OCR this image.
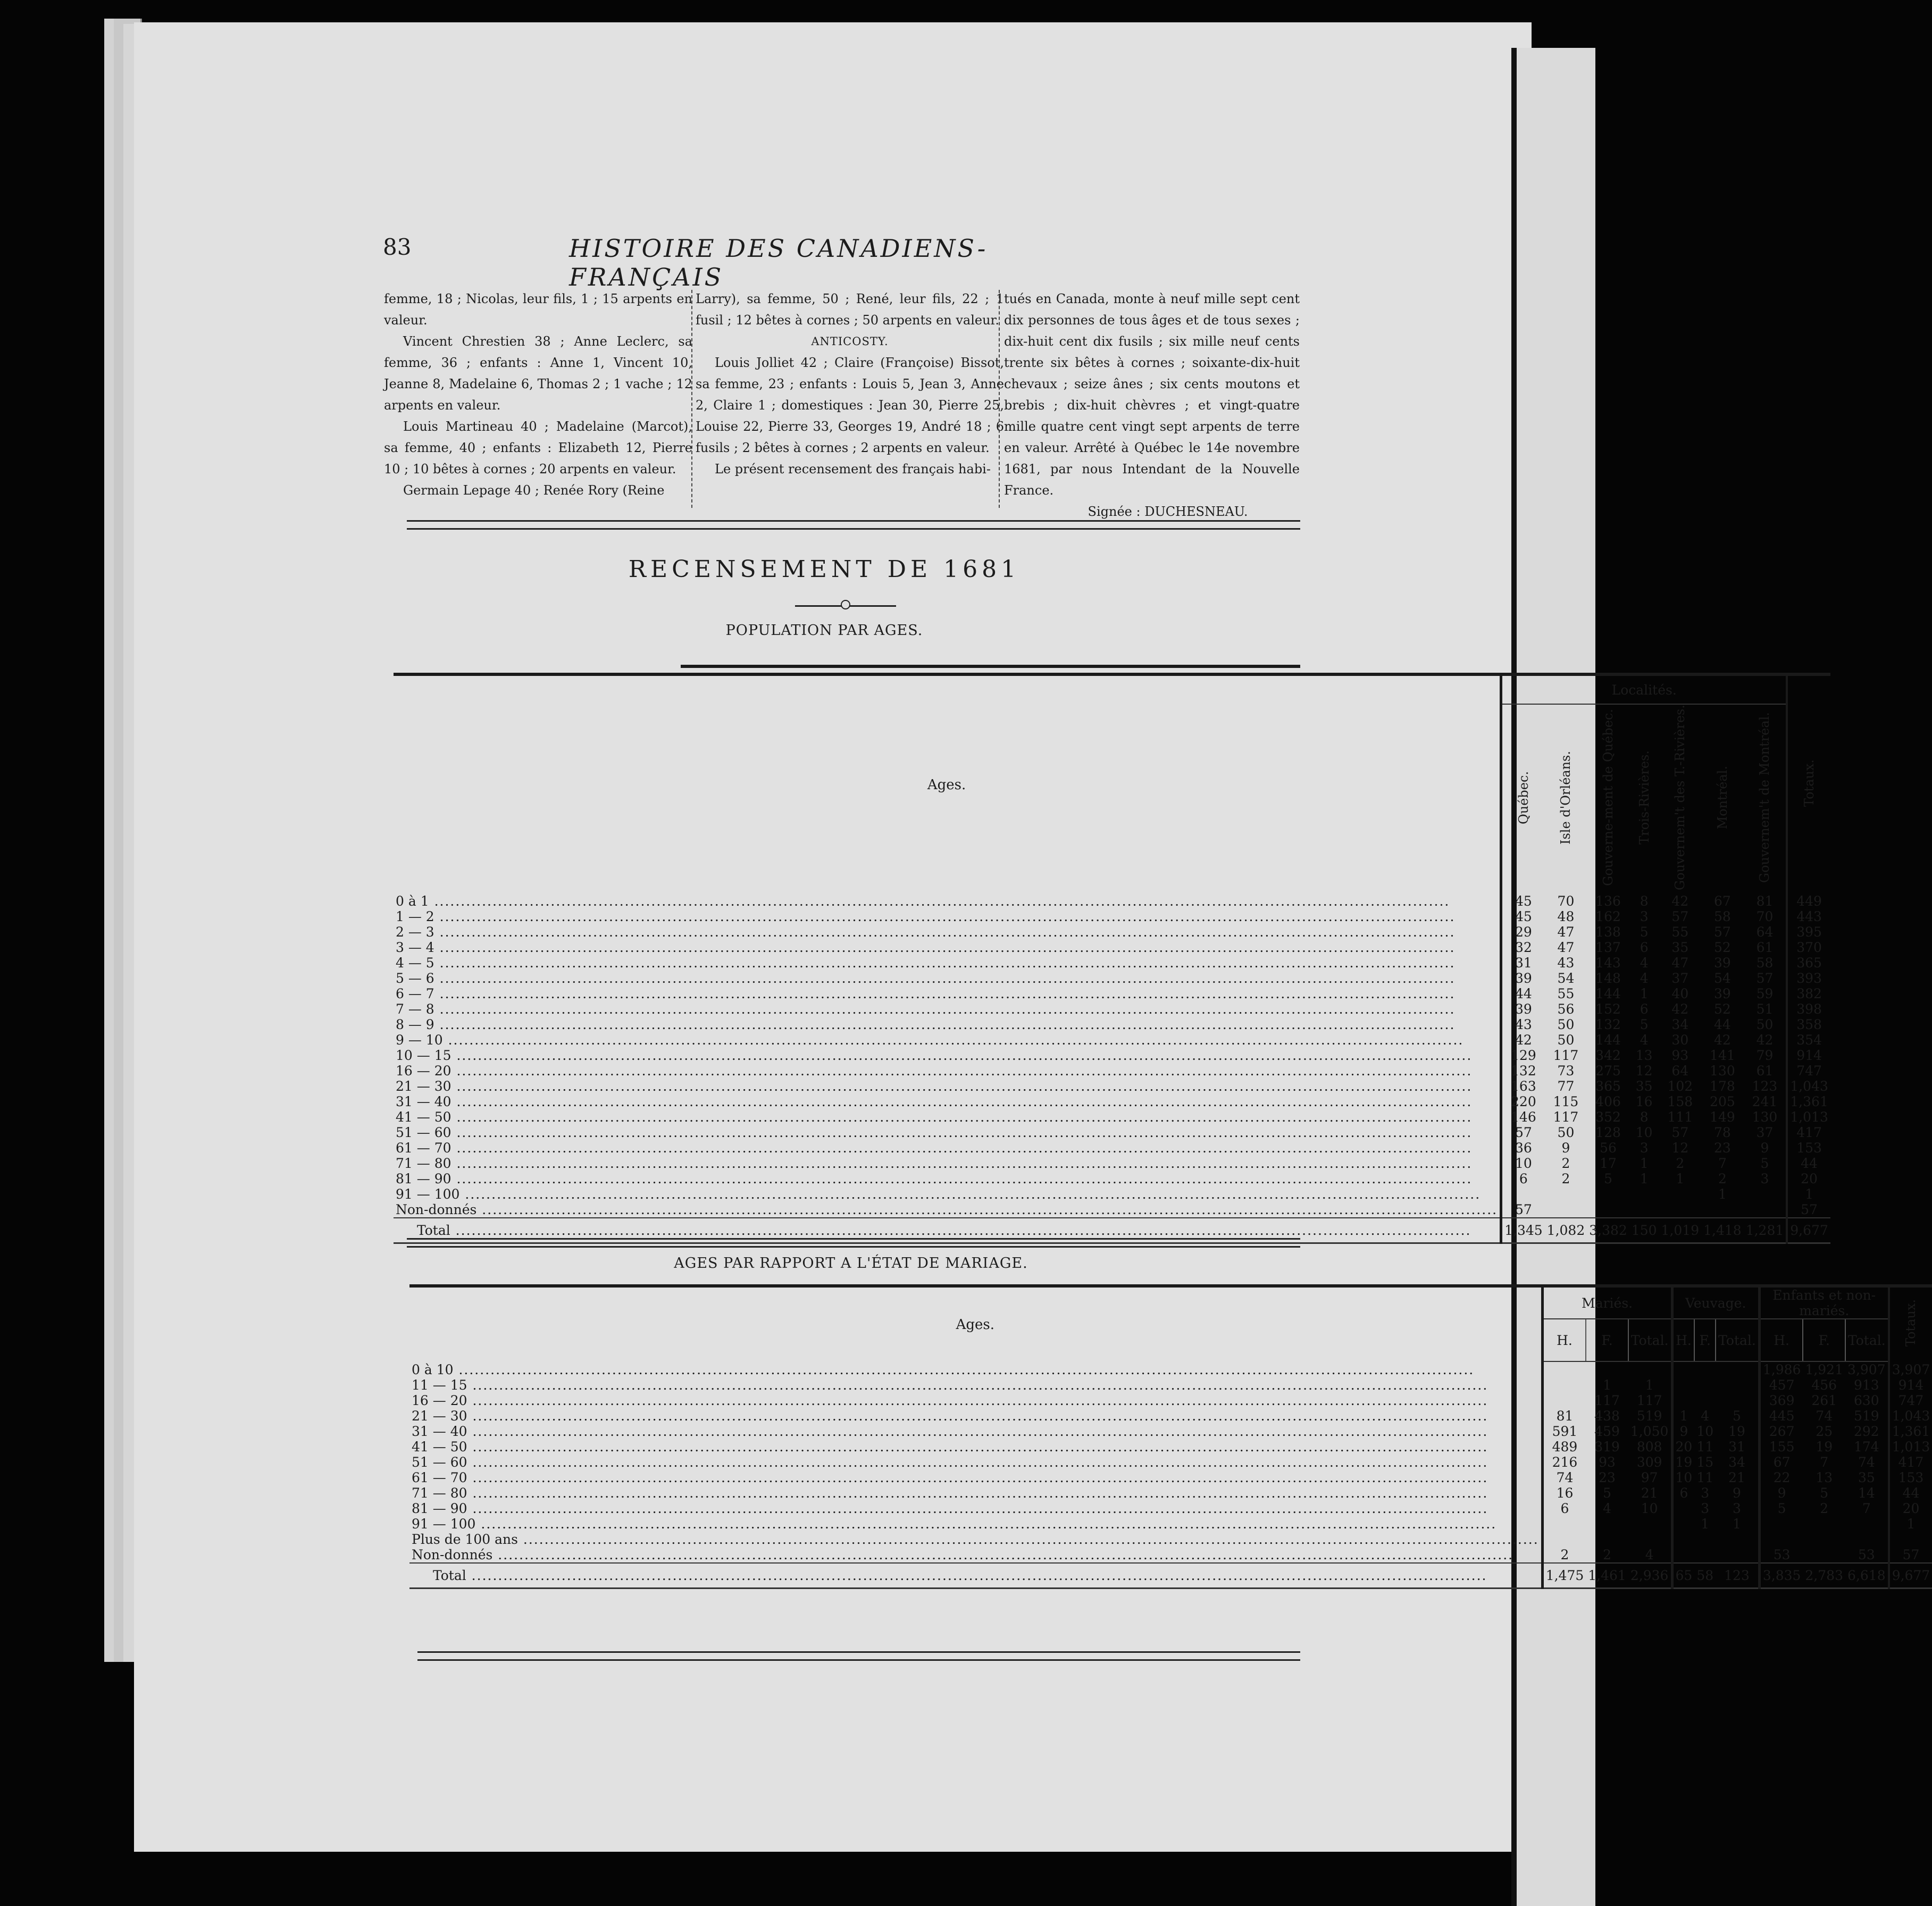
83	HISTOIRE DES CANADIENS-FRANÇAIS

femme, 18 ; Nicolas, leur fils, 1 ; 15 arpents en valeur.

Vincent Chrestien 38 ; Anne Leclerc, sa femme, 36 ; enfants : Anne 1, Vincent 10, Jeanne 8, Madelaine 6, Thomas 2 ; 1 vache ; 12 arpents en valeur.

Louis Martineau 40 ; Madelaine (Marcot), sa femme, 40 ; enfants : Elizabeth 12, Pierre 10 ; 10 bêtes à cornes ; 20 arpents en valeur.

Germain Lepage 40 ; Renée Rory (Reine

Larry), sa femme, 50 ; René, leur fils, 22 ; 1 fusil ; 12 bêtes à cornes ; 50 arpents en valeur.

ANTICOSTY.

Louis Jolliet 42 ; Claire (Françoise) Bissot, sa femme, 23 ; enfants : Louis 5, Jean 3, Anne 2, Claire 1 ; domestiques : Jean 30, Pierre 25, Louise 22, Pierre 33, Georges 19, André 18 ; 6 fusils ; 2 bêtes à cornes ; 2 arpents en valeur.

Le présent recensement des français habi-

tués en Canada, monte à neuf mille sept cent dix personnes de tous âges et de tous sexes ; dix-huit cent dix fusils ; six mille neuf cents trente six bêtes à cornes ; soixante-dix-huit chevaux ; seize ânes ; six cents moutons et brebis ; dix-huit chèvres ; et vingt-quatre mille quatre cent vingt sept arpents de terre en valeur. Arrêté à Québec le 14e novembre 1681, par nous Intendant de la Nouvelle France.

Signée : DUCHESNEAU.

RECENSEMENT DE 1681
POPULATION PAR AGES.
Ages.	Localités.							Totaux.
	Québec.	Isle d'Orléans.	Gouverne-ment de Québec.	Trois-Rivières.	Gouvernem't des T.-Rivières.	Montréal.	Gouvernem't de Montréal.	
0 à 1 .....	45	70	136	8	42	67	81	449
1 — 2 .....	45	48	162	3	57	58	70	443
2 — 3 .....	29	47	138	5	55	57	64	395
3 — 4 .....	32	47	137	6	35	52	61	370
4 — 5 .....	31	43	143	4	47	39	58	365
5 — 6 .....	39	54	148	4	37	54	57	393
6 — 7 .....	44	55	144	1	40	39	59	382
7 — 8 .....	39	56	152	6	42	52	51	398
8 — 9 .....	43	50	132	5	34	44	50	358
9 — 10 .....	42	50	144	4	30	42	42	354
10 — 15 .....	129	117	342	13	93	141	79	914
16 — 20 .....	132	73	275	12	64	130	61	747
21 — 30 .....	163	77	365	35	102	178	123	1,043
31 — 40 .....	220	115	406	16	158	205	241	1,361
41 — 50 .....	146	117	352	8	111	149	130	1,013
51 — 60 .....	57	50	128	10	57	78	37	417
61 — 70 .....	36	9	56	3	12	23	9	153
71 — 80 .....	10	2	17	1	2	7	5	44
81 — 90 .....	6	2	5	1	1	2	3	20
91 — 100 .....						1		1
Non-donnés .....	57							57
Total .....	1,345	1,082	3,382	150	1,019	1,418	1,281	9,677
AGES PAR RAPPORT A L'ÉTAT DE MARIAGE.
Ages.	Mariés.			Veuvage.			Enfants et non-mariés.			Totaux.
	H.	F.	Total.	H.	F.	Total.	H.	F.	Total.	
0 à 10 .....							1,986	1,921	3,907	3,907
11 — 15 .....		1	1				457	456	913	914
16 — 20 .....		117	117				369	261	630	747
21 — 30 .....	81	438	519	1	4	5	445	74	519	1,043
31 — 40 .....	591	459	1,050	9	10	19	267	25	292	1,361
41 — 50 .....	489	319	808	20	11	31	155	19	174	1,013
51 — 60 .....	216	93	309	19	15	34	67	7	74	417
61 — 70 .....	74	23	97	10	11	21	22	13	35	153
71 — 80 .....	16	5	21	6	3	9	9	5	14	44
81 — 90 .....	6	4	10		3	3	5	2	7	20
91 — 100 .....					1	1				1
Plus de 100 ans .....										
Non-donnés .....	2	2	4				53		53	57
Total .....	1,475	1,461	2,936	65	58	123	3,835	2,783	6,618	9,677
